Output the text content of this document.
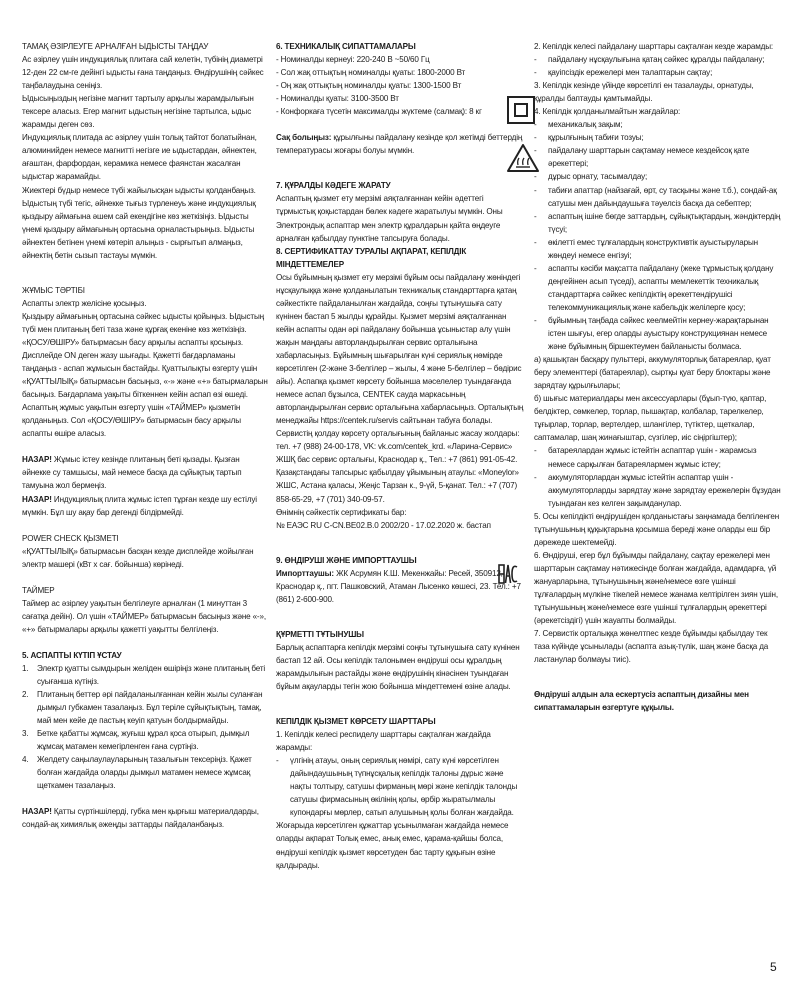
ТАМАҚ ӘЗІРЛЕУГЕ АРНАЛҒАН ЫДЫСТЫ ТАҢДАУ

Ас әзірлеу үшін индукциялық плитаға сай келетін, түбінің диаметрі 12-ден 22 см-ге дейінгі ыдысты ғана таңдаңыз. Өндірушінің сәйкес таңбалаудына сеніңіз.

Ыдысыңыздың негізіне магнит тартылу арқылы жарамдылығын тексере аласыз. Егер магнит ыдыстың негізіне тартылса, ыдыс жарамды деген сөз.

Индукциялық плитада ас әзірлеу үшін толық тайтот болатыйнан, алюминийден немесе магнитті негізге ие ыдыстардан, әйнектен, ағаштан, фарфордан, керамика немесе фаянстан жасалған ыдыстар жарамайды.

Жиектері бүдыр немесе түбі жайылысқан ыдысты қолданбаңыз. Ыдыстың түбі тегіс, әйнекке тығыз түрленеуь және индукциялық қыздыру аймағына әшем сай екендігіне көз жеткізіңіз. Ыдысты үнемі қыздыру аймағының ортасына орналастырыңыз. Ыдысты әйнектен бетінен үнемі көтеріп алыңыз - сырғытып алмаңыз, әйнектің бетін сызып тастауы мүмкін.

ЖҰМЫС ТӘРТІБІ

Аспапты электр желісіне қосыңыз.

Қыздыру аймағының ортасына сәйкес ыдысты қойыңыз. Ыдыстың түбі мен плитаның беті таза және құрғақ екеніне көз жеткізіңіз. «ҚОСУ/ӨШІРУ» батырмасын басу арқылы аспапты қосыңыз. Дисплейде ОN деген жазу шығады. Қажетті бағдарламаны таңдаңыз - аспап жұмысын бастайды. Қуаттылықты өзгерту үшін «ҚУАТТЫЛЫҚ» батырмасын басыңыз, «-» және «+» батырмаларын басыңыз. Бағдарлама уақыты біткеннен кейін аспап өзі өшеді. Аспаптың жұмыс уақытын өзгерту үшін «ТАЙМЕР» қызметін қолданыңыз. Сол «ҚОСУ/ӨШІРУ» батырмасын басу арқылы аспапты өшіре аласыз.

НАЗАР! Жұмыс істеу кезінде плитаның беті қызады. Қызған әйнекке су тамшысы, май немесе басқа да сұйықтық тартып тамуына жол бермеңіз.

НАЗАР! Индукциялық плита жұмыс істеп тұрған кезде шу естілуі мүмкін. Бұл шу ақау бар дегенді білдірмейді.

POWER CHECK ҚЫЗМЕТІ

«ҚУАТТЫЛЫҚ» батырмасын басқан кезде дисплейде жойылған электр машері (кВт х сағ. бойынша) көрінеді.

ТАЙМЕР

Таймер ас әзірлеу уақытын белгілеуге арналған (1 минуттан 3 сағатқа дейін). Ол үшін «ТАЙМЕР» батырмасын басыңыз және «-», «+» батырмалары арқылы қажетті уақытты белгілеңіз.

5. АСПАПТЫ КҮТІП ҰСТАУ

1.	Электр қуатты сымдырын желіден өшіріңіз және плитаның беті суығанша күтіңіз.
2.	Плитаның беттер әрі пайдаланылғаннан кейін жылы суланған дымқыл губкамен тазалаңыз. Бұл теріле сұйықтықтың, тамақ, май мен кейе де пастың кеуіп қатуын болдырмайды.
3.	Бетке қабатты жұмсақ, жуғыш құрал қоса отырып, дымқыл жұмсақ матамен кемегірленген ғана сүртіңіз.
4.	Желдету саңылаулауларының тазалығын тексеріңіз. Қажет болған жағдайда оларды дымқыл матамен немесе жұмсақ щеткамен тазалаңыз.

НАЗАР! Қатты сүртіншілерді, губка мен қырғыш материалдарды, сондай-ақ химиялық әжеңды заттарды пайдаланбаңыз.

6. ТЕХНИКАЛЫҚ СИПАТТАМАЛАРЫ

- Номиналды кернеуі: 220-240 В ~50/60 Гц

- Сол жақ оттықтың номиналды қуаты: 1800-2000 Вт

- Оң жақ оттықтың номиналды қуаты: 1300-1500 Вт

- Номиналды қуаты: 3100-3500 Вт

- Конфоркаға түсетін максималды жүктеме (салмақ): 8 кг

Сақ болыңыз: құрылғыны пайдалану кезінде қол жетімді беттердің температурасы жоғары болуы мүмкін.

7. ҚҰРАЛДЫ КӘДЕГЕ ЖАРАТУ

Аспаптың қызмет ету мерзімі аяқталғаннан кейін әдеттегі тұрмыстық қоқыстардан бөлек кәдеге жаратылуы мүмкін. Оны Электрондық аспаптар мен электр құралдарын қайта өңдеуге арналған қабылдау пунктіне тапсыруға болады.

8. СЕРТИФИКАТТАУ ТУРАЛЫ АҚПАРАТ, КЕПІЛДІК МІНДЕТТЕМЕЛЕР

Осы бұйымның қызмет ету мерзімі бұйым осы пайдалану жөніндегі нұсқаулыққа және қолданылатын техникалық стандарттарға қатаң сәйкестікте пайдаланылған жағдайда, соңғы тұтынушыға сату күнінен бастап 5 жылды құрайды. Қызмет мерзімі аяқталғаннан кейін аспапты одан әрі пайдалану бойынша ұсыныстар алу үшін жақын маңдағы авторландырылған сервис орталығына хабарласыңыз. Бұйымның шығарылған күні сериялық нөмірде көрсетілген (2-және 3-белгілер – жылы, 4 және 5-белгілер – бөдірис айы). Аспапқа қызмет көрсету бойынша мәселелер туындағанда немесе аспап бұзылса, CENTEK сауда маркасының авторландырылған сервис орталығына хабарласыңыз. Орталықтың менеджайы https://centek.ru/servis сайтынан табуға болады. Сервистің қолдау көрсету орталығының байланыс жасау жолдары: тел. +7 (988) 24-00-178, VK: vk.com/centek_krd. «Ларина-Сервис» ЖШҚ бас сервис орталығы, Краснодар қ., Тел.: +7 (861) 991-05-42. Қазақстандағы тапсырыс қабылдау ұйымының атаулы: «Moneylor» ЖШС, Астана қаласы, Жеңіс Тарзан к., 9-үй, 5-қанат. Тел.: +7 (707) 858-65-29, +7 (701) 340-09-57.

Өнімнің сәйкестік сертификаты бар:

№ ЕАЭС RU C-CN.ВЕ02.В.0 2002/20 - 17.02.2020 ж. бастап

9. ӨНДІРУШІ ЖӘНЕ ИМПОРТТАУШЫ

Импорттаушы: ЖК Асрумян К.Ш. Мекенжайы: Ресей, 350912, Краснодар қ., пгт. Пашковский, Атаман Лысенко көшесі, 23. Тел.: +7 (861) 2-600-900.

ҚҰРМЕТТІ ТҰТЫНУШЫ

Барлық аспаптарға кепілдік мерзімі соңғы тұтынушыға сату күнінен бастап 12 ай. Осы кепілдік талонымен өндіруші осы құралдың жарамдылығын растайды және өндірушінің кінәсінен туындаған бұйым ақауларды тегін жою бойынша міндеттемені өзіне алады.

КЕПІЛДІК ҚЫЗМЕТ КӨРСЕТУ ШАРТТАРЫ

1. Кепілдік келесі респиделу шарттары сақталған жағдайда жарамды:

-	үлгінің атауы, оның сериялық нөмірі, сату күні көрсетілген дайындаушының түпнұсқалық кепілдік талоны дұрыс және нақты толтыру, сатушы фирманың мөрі және кепілдік талонды сатушы фирмасының өкілінің қолы, өрбір жыратылмалы купондарғы мөрлер, сатып алушының қолы болған жағдайда.

Жоғарыда көрсетілген құжаттар ұсынылмаған жағдайда немесе оларды ақпарат Толық емес, анық емес, қарама-қайшы болса, өндіруші кепілдік қызмет көрсетуден бас тарту құқығын өзіне қалдырады.

2. Кепілдік келесі пайдалану шарттары сақталған кезде жарамды:

-	пайдалану нұсқаулығына қатаң сәйкес құралды пайдалану;
-	қауіпсіздік ережелері мен талаптарын сақтау;

3. Кепілдік кезінде үйінде көрсетілгі ен тазалауды, орнатуды, құралды баптауды қамтымайды.

4. Кепілдік қолданылмайтын жағдайлар:

-	механикалық зақым;
-	құрылғының табиғи тозуы;
-	пайдалану шарттарын сақтамау немесе кездейсоқ қате әрекеттері;
-	дұрыс орнату, тасымалдау;
-	табиғи апаттар (найзағай, өрт, су тасқыны және т.б.), сондай-ақ сатушы мен дайындаушыға тәуелсіз басқа да себептер;
-	аспаптың ішіне бөгде заттардың, сұйықтықтардың, жәндіктердің түсуі;
-	өкілетті емес тұлғалардың конструктивтік ауыстыруларын жөндеуі немесе енгізуі;
-	аспапты кәсіби мақсатта пайдалану (жеке тұрмыстық қолдану деңгейінен асып түседі), аспапты мемлекеттік техникалық стандарттарға сәйкес кепілдіктің әрекеттендірушісі телекоммуникациялық және кабельдік желілерге қосу;
-	бұйымның таңбада сәйкес кеелмейтін кернеу-жарақтарынан істен шығуы, егер оларды ауыстыру конструкциянан немесе және бұйымның біршектеумен байланысты болмаса.

а) қашықтан басқару пульттері, аккумуляторлық батареялар, қуат беру элементтері (батареялар), сыртқы қуат беру блоктары және зарядтау құрылғылары;

б) шығыс материалдары мен аксессуарлары (бұып-түю, қаптар, белдіктер, сөмкелер, торлар, пышақтар, колбалар, тарелкелер, тұғырлар, торлар, вертелдер, шлангілер, түтіктер, щеткалар, саптамалар, шаң жинағыштар, сүзгілер, иіс сіңіргіштер);

-	батареялардан жұмыс істейтін аспаптар үшін - жарамсыз немесе сарқылған батареялармен жұмыс істеу;
-	аккумуляторлардан жұмыс істейтін аспаптар үшін - аккумуляторларды зарядтау және зарядтау ережелерін бұзудан туындаған кез келген зақымданулар.

5. Осы кепілдікті өндірушіден қолданыстағы заңнамада белгіленген тұтынушының құқықтарына қосымша береді және оларды еш бір дәрежеде шектемейді.

6. Өндіруші, егер бұл бұйымды пайдалану, сақтау ережелері мен шарттарын сақтамау нәтижесінде болған жағдайда, адамдарға, үй жануарларына, тұтынушының және/немесе өзге үшінші тұлғалардың мүлкіне тікелей немесе жанама келтірілген зиян үшін, тұтынушының және/немесе өзге үшінші тұлғалардың әрекеттері (әрекетсіздігі) үшін жауапты болмайды.

7. Сервистік орталыққа жөнелтпес кезде бұйымды қабылдау тек таза күйінде ұсынылады (аспапта азық-түлік, шаң және басқа да ластанулар болмауы тиіс).

Өндіруші алдын ала ескертусіз аспаптың дизайны мен сипаттамаларын өзгертуге құқылы.

5
